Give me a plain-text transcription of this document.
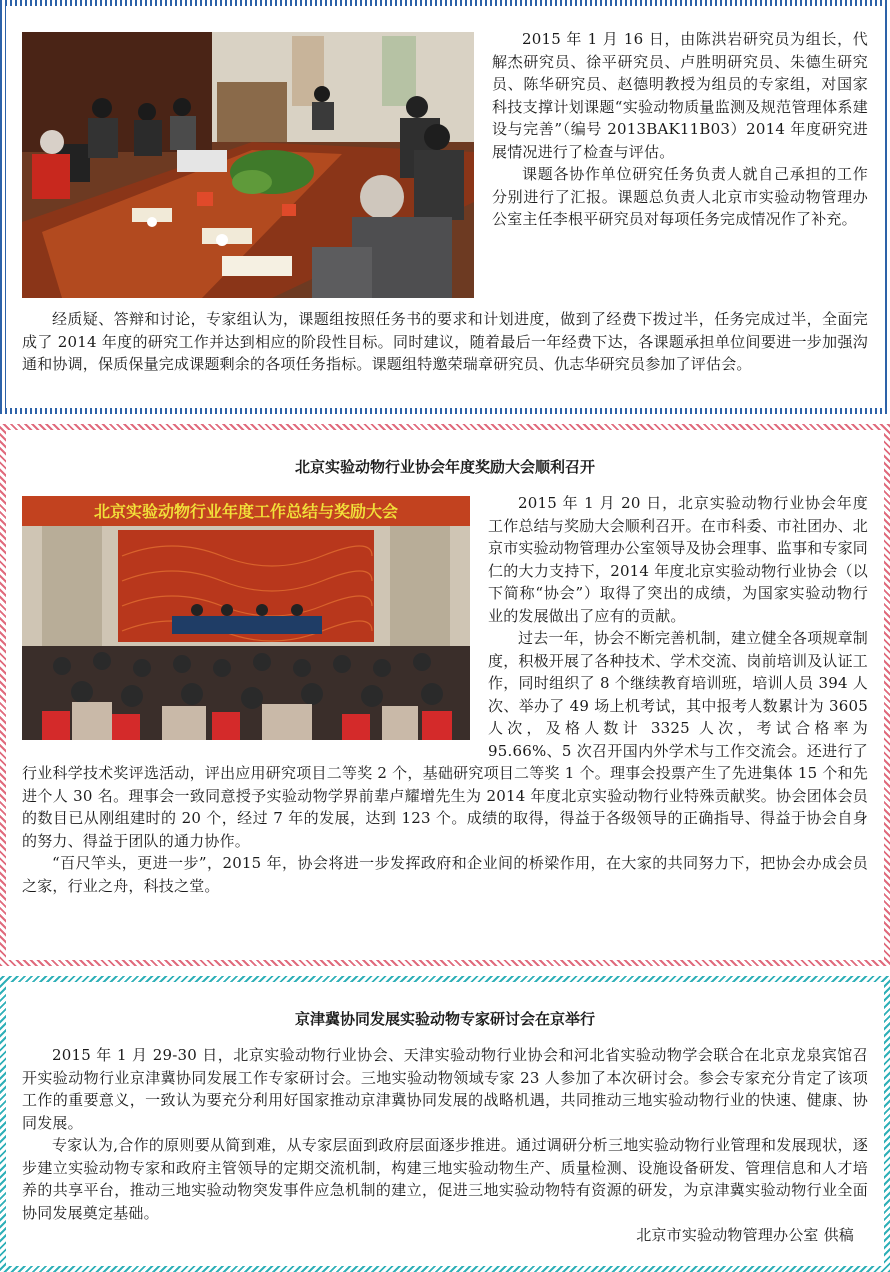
2015 年 1 月 16 日，由陈洪岩研究员为组长，代解杰研究员、徐平研究员、卢胜明研究员、朱德生研究员、陈华研究员、赵德明教授为组员的专家组，对国家科技支撑计划课题“实验动物质量监测及规范管理体系建设与完善”（编号 2013BAK11B03）2014 年度研究进展情况进行了检查与评估。

课题各协作单位研究任务负责人就自己承担的工作分别进行了汇报。课题总负责人北京市实验动物管理办公室主任李根平研究员对每项任务完成情况作了补充。

经质疑、答辩和讨论，专家组认为，课题组按照任务书的要求和计划进度，做到了经费下拨过半，任务完成过半，全面完成了 2014 年度的研究工作并达到相应的阶段性目标。同时建议，随着最后一年经费下达，各课题承担单位间要进一步加强沟通和协调，保质保量完成课题剩余的各项任务指标。课题组特邀荣瑞章研究员、仇志华研究员参加了评估会。

北京实验动物行业协会年度奖励大会顺利召开
北京实验动物行业年度工作总结与奖励大会	2015 年 1 月 20 日，北京实验动物行业协会年度工作总结与奖励大会顺利召开。在市科委、市社团办、北京市实验动物管理办公室领导及协会理事、监事和专家同仁的大力支持下，2014 年度北京实验动物行业协会（以下简称“协会”）取得了突出的成绩，为国家实验动物行业的发展做出了应有的贡献。

过去一年，协会不断完善机制，建立健全各项规章制度，积极开展了各种技术、学术交流、岗前培训及认证工作，同时组织了 8 个继续教育培训班，培训人员 394 人次、举办了 49 场上机考试，其中报考人数累计为 3605 人次，及格人数计 3325 人次，考试合格率为 95.66%、5 次召开国内外学术与工作交流会。还进行了行业科学技术奖评选活动，评出应用研究项目二等奖 2 个，基础研究项目二等奖 1 个。理事会投票产生了先进集体 15 个和先进个人 30 名。理事会一致同意授予实验动物学界前辈卢耀增先生为 2014 年度北京实验动物行业特殊贡献奖。协会团体会员的数目已从刚组建时的 20 个，经过 7 年的发展，达到 123 个。成绩的取得，得益于各级领导的正确指导、得益于协会自身的努力、得益于团队的通力协作。

“百尺竿头，更进一步”，2015 年，协会将进一步发挥政府和企业间的桥梁作用，在大家的共同努力下，把协会办成会员之家，行业之舟，科技之堂。

京津冀协同发展实验动物专家研讨会在京举行

2015 年 1 月 29-30 日，北京实验动物行业协会、天津实验动物行业协会和河北省实验动物学会联合在北京龙泉宾馆召开实验动物行业京津冀协同发展工作专家研讨会。三地实验动物领域专家 23 人参加了本次研讨会。参会专家充分肯定了该项工作的重要意义，一致认为要充分利用好国家推动京津冀协同发展的战略机遇，共同推动三地实验动物行业的快速、健康、协同发展。

专家认为,合作的原则要从简到难，从专家层面到政府层面逐步推进。通过调研分析三地实验动物行业管理和发展现状，逐步建立实验动物专家和政府主管领导的定期交流机制，构建三地实验动物生产、质量检测、设施设备研发、管理信息和人才培养的共享平台，推动三地实验动物突发事件应急机制的建立，促进三地实验动物特有资源的研发，为京津冀实验动物行业全面协同发展奠定基础。

北京市实验动物管理办公室 供稿
